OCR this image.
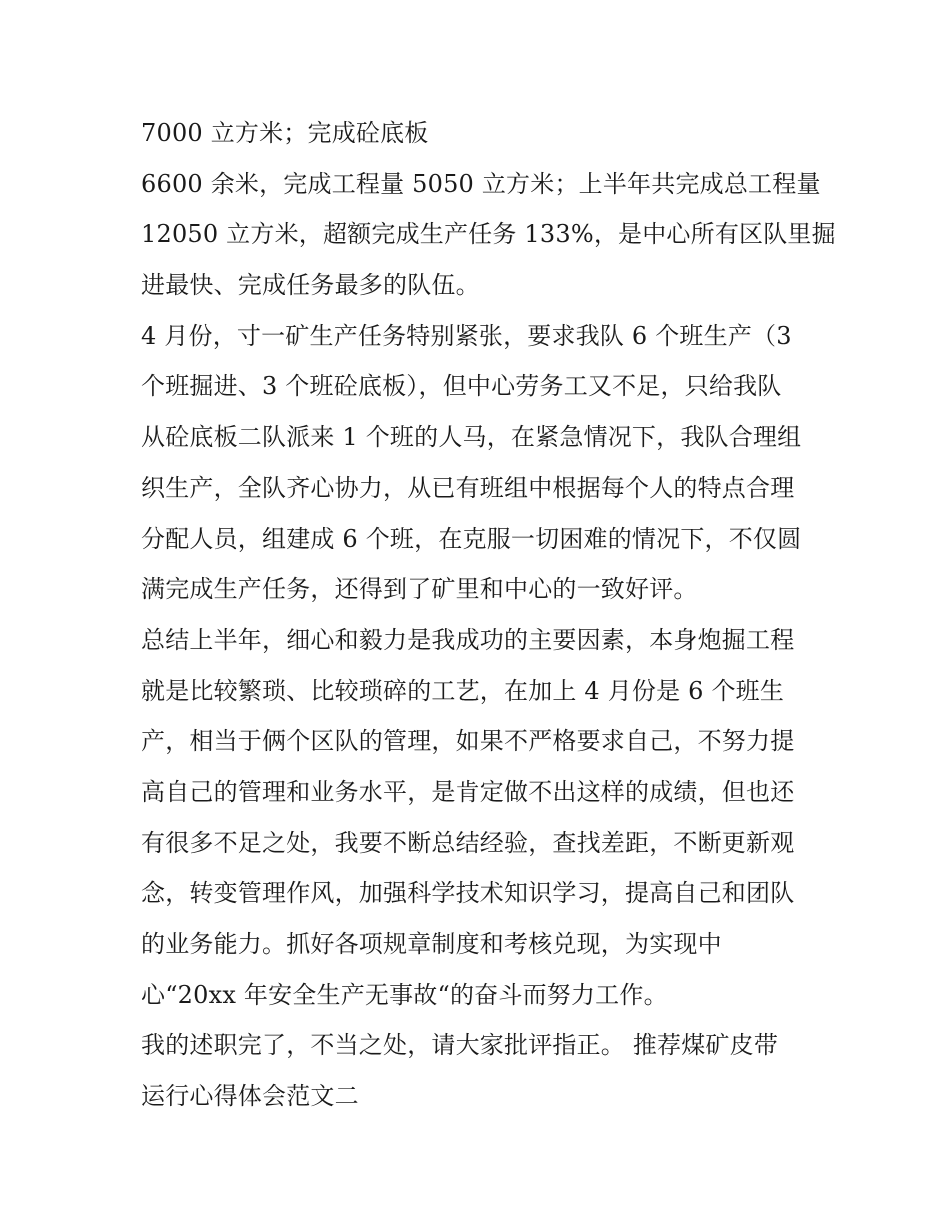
7000 立方米；完成砼底板
6600 余米，完成工程量 5050 立方米；上半年共完成总工程量
12050 立方米，超额完成生产任务 133%，是中心所有区队里掘
进最快、完成任务最多的队伍。
4 月份，寸一矿生产任务特别紧张，要求我队 6 个班生产（3
个班掘进、3 个班砼底板），但中心劳务工又不足，只给我队
从砼底板二队派来 1 个班的人马，在紧急情况下，我队合理组
织生产，全队齐心协力，从已有班组中根据每个人的特点合理
分配人员，组建成 6 个班，在克服一切困难的情况下，不仅圆
满完成生产任务，还得到了矿里和中心的一致好评。
总结上半年，细心和毅力是我成功的主要因素，本身炮掘工程
就是比较繁琐、比较琐碎的工艺，在加上 4 月份是 6 个班生
产，相当于俩个区队的管理，如果不严格要求自己，不努力提
高自己的管理和业务水平，是肯定做不出这样的成绩，但也还
有很多不足之处，我要不断总结经验，查找差距，不断更新观
念，转变管理作风，加强科学技术知识学习，提高自己和团队
的业务能力。抓好各项规章制度和考核兑现，为实现中
心“20xx 年安全生产无事故“的奋斗而努力工作。
我的述职完了，不当之处，请大家批评指正。 推荐煤矿皮带
运行心得体会范文二
